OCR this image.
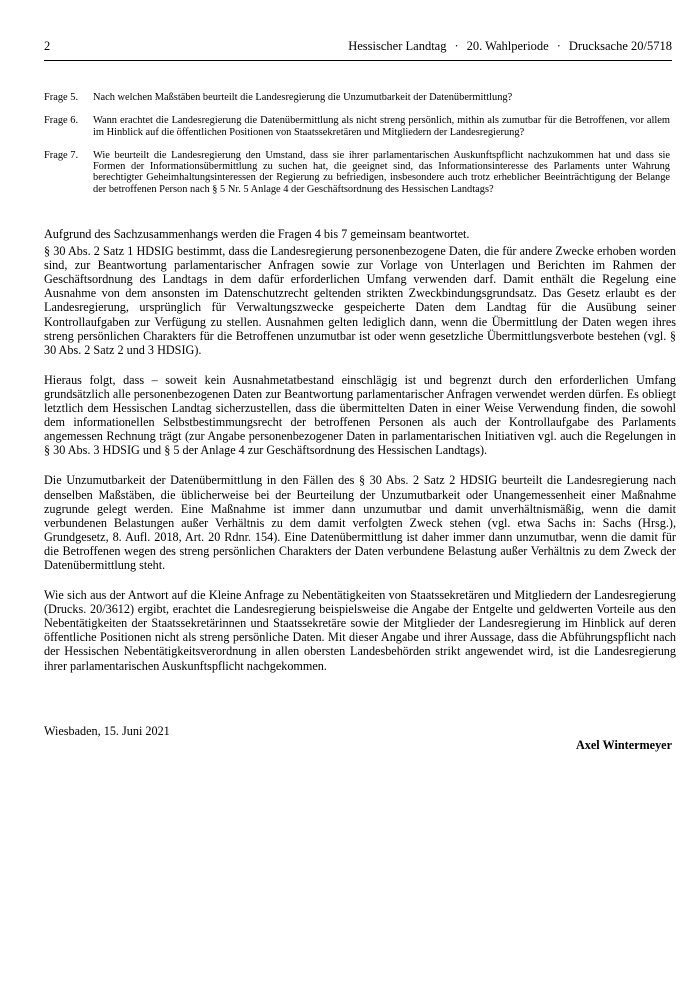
2	Hessischer Landtag · 20. Wahlperiode · Drucksache 20/5718
Frage 5.	Nach welchen Maßstäben beurteilt die Landesregierung die Unzumutbarkeit der Datenübermittlung?
Frage 6.	Wann erachtet die Landesregierung die Datenübermittlung als nicht streng persönlich, mithin als zumutbar für die Betroffenen, vor allem im Hinblick auf die öffentlichen Positionen von Staatssekretären und Mitgliedern der Landesregierung?
Frage 7.	Wie beurteilt die Landesregierung den Umstand, dass sie ihrer parlamentarischen Auskunftspflicht nachzukommen hat und dass sie Formen der Informationsübermittlung zu suchen hat, die geeignet sind, das Informationsinteresse des Parlaments unter Wahrung berechtigter Geheimhaltungsinteressen der Regierung zu befriedigen, insbesondere auch trotz erheblicher Beeinträchtigung der Belange der betroffenen Person nach § 5 Nr. 5 Anlage 4 der Geschäftsordnung des Hessischen Landtags?

Aufgrund des Sachzusammenhangs werden die Fragen 4 bis 7 gemeinsam beantwortet.

§ 30 Abs. 2 Satz 1 HDSIG bestimmt, dass die Landesregierung personenbezogene Daten, die für andere Zwecke erhoben worden sind, zur Beantwortung parlamentarischer Anfragen sowie zur Vorlage von Unterlagen und Berichten im Rahmen der Geschäftsordnung des Landtags in dem dafür erforderlichen Umfang verwenden darf. Damit enthält die Regelung eine Ausnahme von dem ansonsten im Datenschutzrecht geltenden strikten Zweckbindungsgrundsatz. Das Gesetz erlaubt es der Landesregierung, ursprünglich für Verwaltungszwecke gespeicherte Daten dem Landtag für die Ausübung seiner Kontrollaufgaben zur Verfügung zu stellen. Ausnahmen gelten lediglich dann, wenn die Übermittlung der Daten wegen ihres streng persönlichen Charakters für die Betroffenen unzumutbar ist oder wenn gesetzliche Übermittlungsverbote bestehen (vgl. § 30 Abs. 2 Satz 2 und 3 HDSIG).

Hieraus folgt, dass – soweit kein Ausnahmetatbestand einschlägig ist und begrenzt durch den erforderlichen Umfang grundsätzlich alle personenbezogenen Daten zur Beantwortung parlamentarischer Anfragen verwendet werden dürfen. Es obliegt letztlich dem Hessischen Landtag sicherzustellen, dass die übermittelten Daten in einer Weise Verwendung finden, die sowohl dem informationellen Selbstbestimmungsrecht der betroffenen Personen als auch der Kontrollaufgabe des Parlaments angemessen Rechnung trägt (zur Angabe personenbezogener Daten in parlamentarischen Initiativen vgl. auch die Regelungen in § 30 Abs. 3 HDSIG und § 5 der Anlage 4 zur Geschäftsordnung des Hessischen Landtags).

Die Unzumutbarkeit der Datenübermittlung in den Fällen des § 30 Abs. 2 Satz 2 HDSIG beurteilt die Landesregierung nach denselben Maßstäben, die üblicherweise bei der Beurteilung der Unzumutbarkeit oder Unangemessenheit einer Maßnahme zugrunde gelegt werden. Eine Maßnahme ist immer dann unzumutbar und damit unverhältnismäßig, wenn die damit verbundenen Belastungen außer Verhältnis zu dem damit verfolgten Zweck stehen (vgl. etwa Sachs in: Sachs (Hrsg.), Grundgesetz, 8. Aufl. 2018, Art. 20 Rdnr. 154). Eine Datenübermittlung ist daher immer dann unzumutbar, wenn die damit für die Betroffenen wegen des streng persönlichen Charakters der Daten verbundene Belastung außer Verhältnis zu dem Zweck der Datenübermittlung steht.

Wie sich aus der Antwort auf die Kleine Anfrage zu Nebentätigkeiten von Staatssekretären und Mitgliedern der Landesregierung (Drucks. 20/3612) ergibt, erachtet die Landesregierung beispielsweise die Angabe der Entgelte und geldwerten Vorteile aus den Nebentätigkeiten der Staatssekretärinnen und Staatssekretäre sowie der Mitglieder der Landesregierung im Hinblick auf deren öffentliche Positionen nicht als streng persönliche Daten. Mit dieser Angabe und ihrer Aussage, dass die Abführungspflicht nach der Hessischen Nebentätigkeitsverordnung in allen obersten Landesbehörden strikt angewendet wird, ist die Landesregierung ihrer parlamentarischen Auskunftspflicht nachgekommen.

Wiesbaden, 15. Juni 2021
Axel Wintermeyer
